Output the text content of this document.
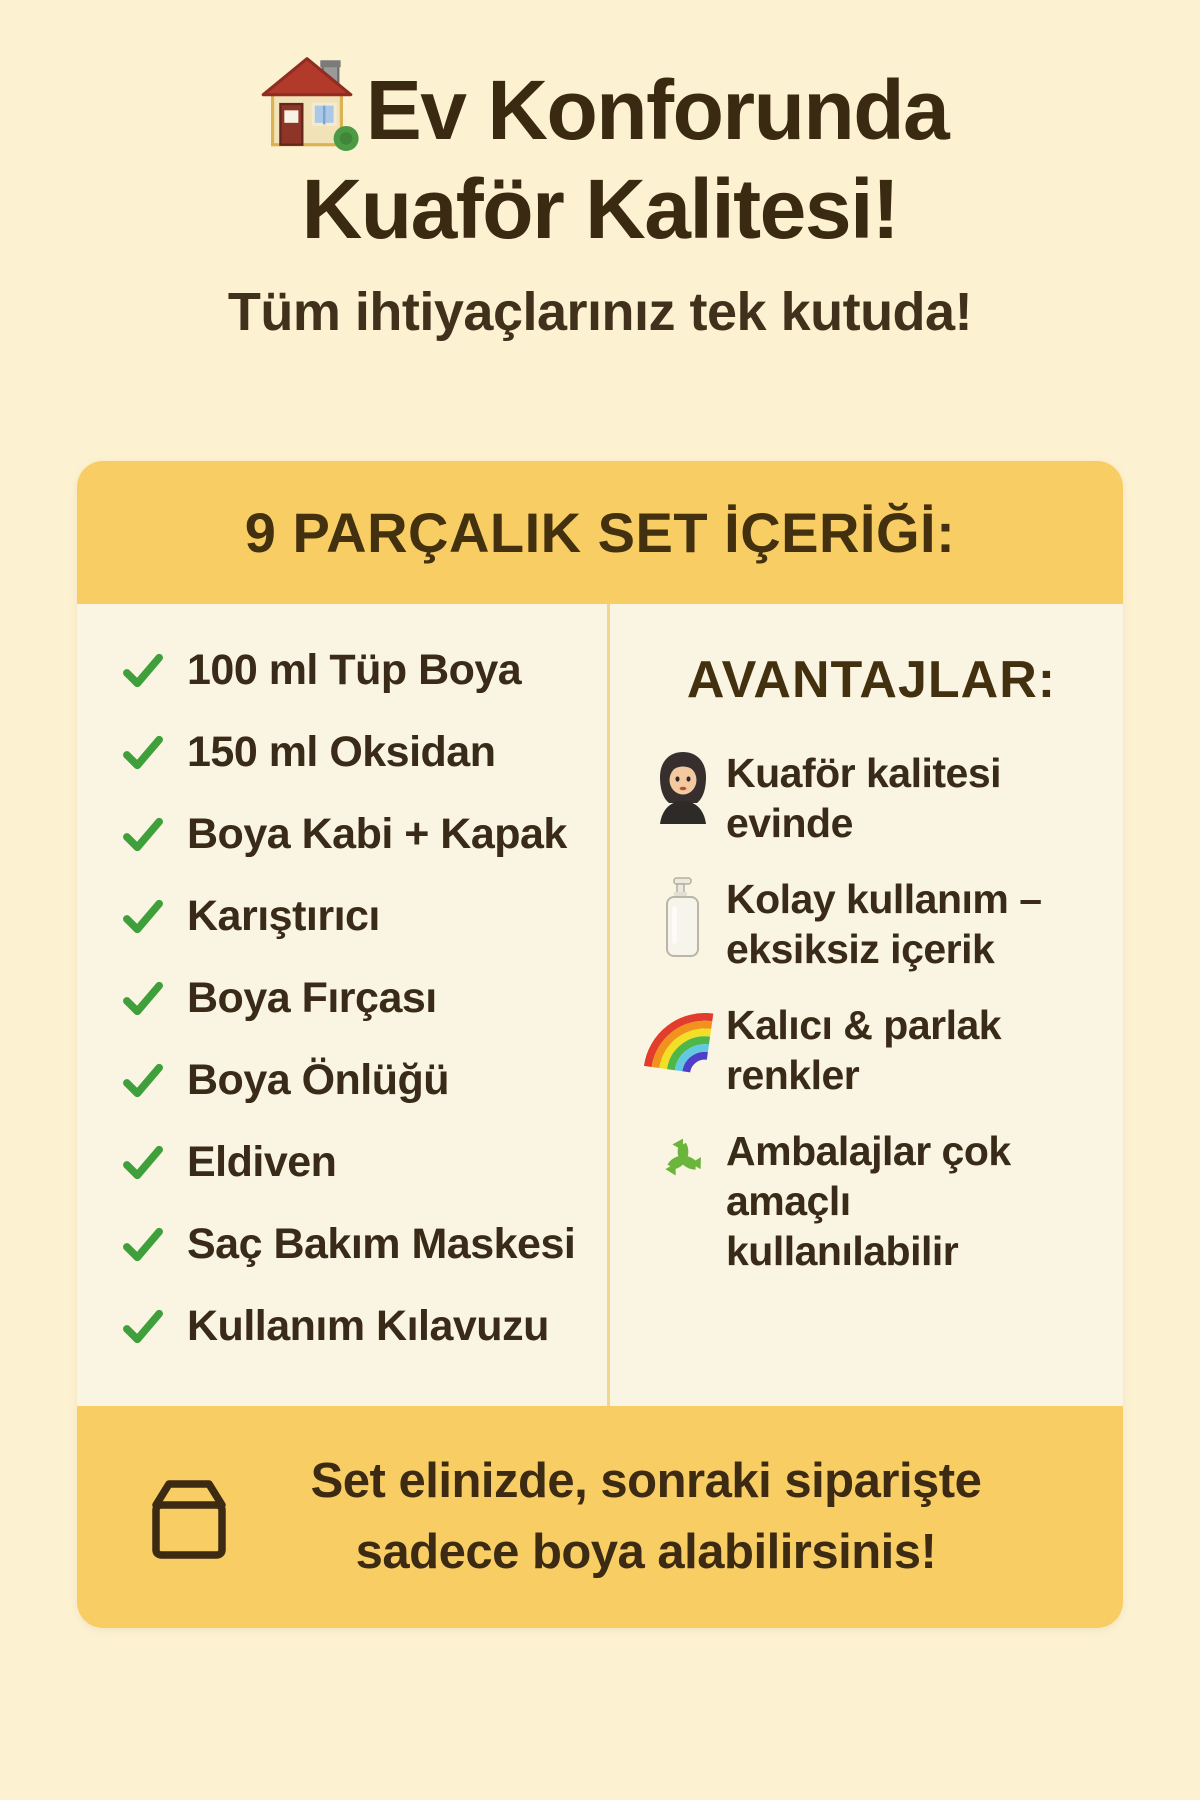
Ev Konforunda
Kuaför Kalitesi!
Tüm ihtiyaçlarınız tek kutuda!
9 PARÇALIK SET İÇERİĞİ:
100 ml Tüp Boya
150 ml Oksidan
Boya Kabi + Kapak
Karıştırıcı
Boya Fırçası
Boya Önlüğü
Eldiven
Saç Bakım Maskesi
Kullanım Kılavuzu
AVANTAJLAR:
Kuaför kalitesi evinde
Kolay kullanım – eksiksiz içerik
Kalıcı & parlak renkler
Ambalajlar çok amaçlı kullanılabilir
Set elinizde, sonraki siparişte
sadece boya alabilirsinis!
